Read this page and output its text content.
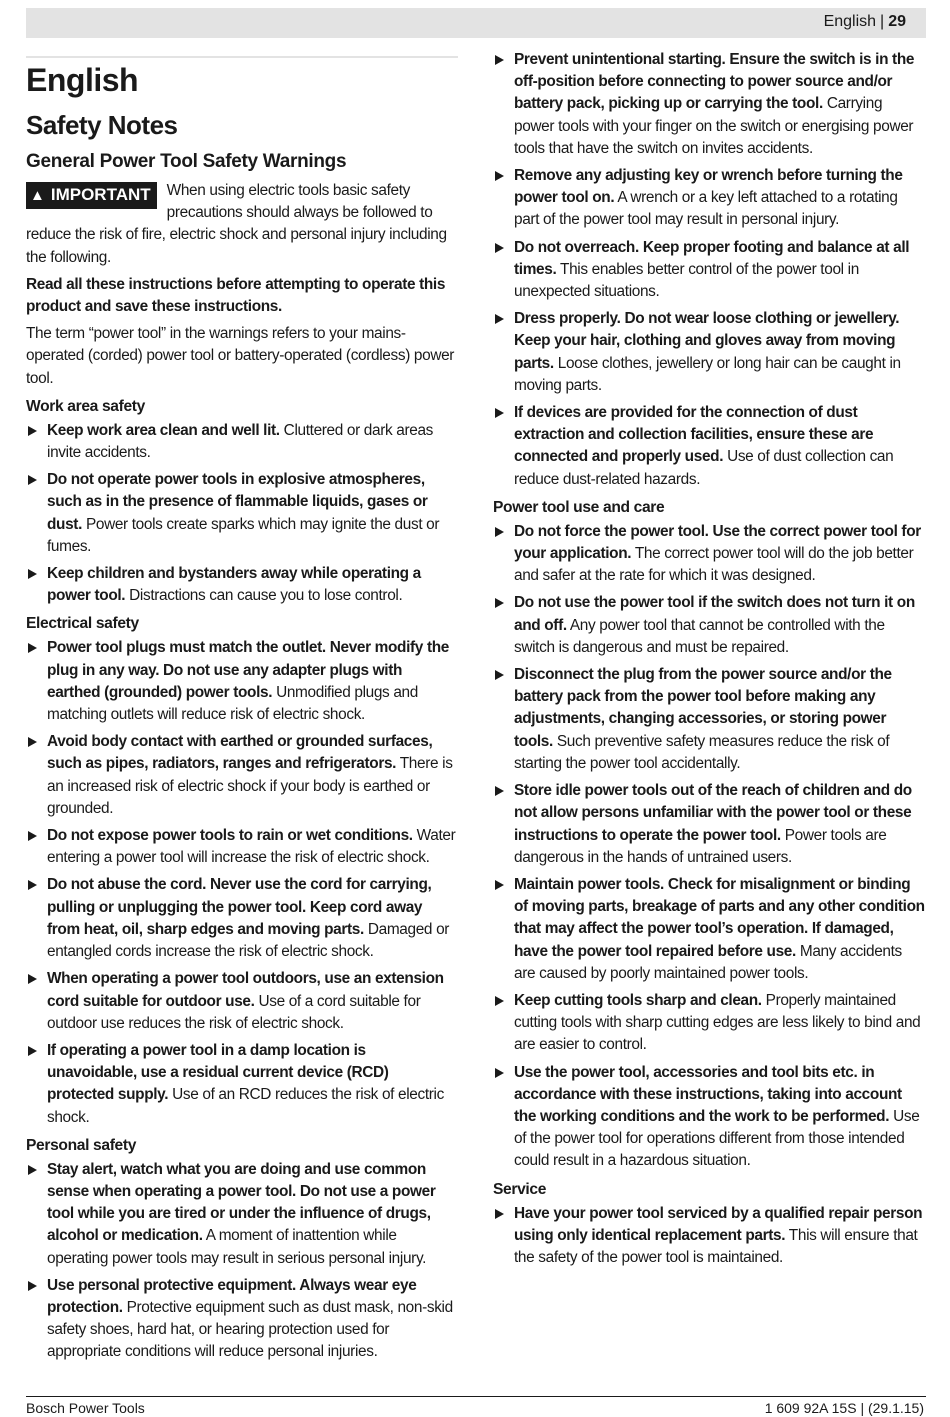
English | 29
English
Safety Notes
General Power Tool Safety Warnings
▲ IMPORTANT	When using electric tools basic safety precautions should always be followed to reduce the risk of fire, electric shock and personal injury including the following.

Read all these instructions before attempting to operate this product and save these instructions.

The term “power tool” in the warnings refers to your mains-operated (corded) power tool or battery-operated (cordless) power tool.

Work area safety
Keep work area clean and well lit. Cluttered or dark areas invite accidents.
Do not operate power tools in explosive atmospheres, such as in the presence of flammable liquids, gases or dust. Power tools create sparks which may ignite the dust or fumes.
Keep children and bystanders away while operating a power tool. Distractions can cause you to lose control.
Electrical safety
Power tool plugs must match the outlet. Never modify the plug in any way. Do not use any adapter plugs with earthed (grounded) power tools. Unmodified plugs and matching outlets will reduce risk of electric shock.
Avoid body contact with earthed or grounded surfaces, such as pipes, radiators, ranges and refrigerators. There is an increased risk of electric shock if your body is earthed or grounded.
Do not expose power tools to rain or wet conditions. Water entering a power tool will increase the risk of electric shock.
Do not abuse the cord. Never use the cord for carrying, pulling or unplugging the power tool. Keep cord away from heat, oil, sharp edges and moving parts. Damaged or entangled cords increase the risk of electric shock.
When operating a power tool outdoors, use an extension cord suitable for outdoor use. Use of a cord suitable for outdoor use reduces the risk of electric shock.
If operating a power tool in a damp location is unavoidable, use a residual current device (RCD) protected supply. Use of an RCD reduces the risk of electric shock.
Personal safety
Stay alert, watch what you are doing and use common sense when operating a power tool. Do not use a power tool while you are tired or under the influence of drugs, alcohol or medication. A moment of inattention while operating power tools may result in serious personal injury.
Use personal protective equipment. Always wear eye protection. Protective equipment such as dust mask, non-skid safety shoes, hard hat, or hearing protection used for appropriate conditions will reduce personal injuries.
Prevent unintentional starting. Ensure the switch is in the off-position before connecting to power source and/or battery pack, picking up or carrying the tool. Carrying power tools with your finger on the switch or energising power tools that have the switch on invites accidents.
Remove any adjusting key or wrench before turning the power tool on. A wrench or a key left attached to a rotating part of the power tool may result in personal injury.
Do not overreach. Keep proper footing and balance at all times. This enables better control of the power tool in unexpected situations.
Dress properly. Do not wear loose clothing or jewellery. Keep your hair, clothing and gloves away from moving parts. Loose clothes, jewellery or long hair can be caught in moving parts.
If devices are provided for the connection of dust extraction and collection facilities, ensure these are connected and properly used. Use of dust collection can reduce dust-related hazards.
Power tool use and care
Do not force the power tool. Use the correct power tool for your application. The correct power tool will do the job better and safer at the rate for which it was designed.
Do not use the power tool if the switch does not turn it on and off. Any power tool that cannot be controlled with the switch is dangerous and must be repaired.
Disconnect the plug from the power source and/or the battery pack from the power tool before making any adjustments, changing accessories, or storing power tools. Such preventive safety measures reduce the risk of starting the power tool accidentally.
Store idle power tools out of the reach of children and do not allow persons unfamiliar with the power tool or these instructions to operate the power tool. Power tools are dangerous in the hands of untrained users.
Maintain power tools. Check for misalignment or binding of moving parts, breakage of parts and any other condition that may affect the power tool’s operation. If damaged, have the power tool repaired before use. Many accidents are caused by poorly maintained power tools.
Keep cutting tools sharp and clean. Properly maintained cutting tools with sharp cutting edges are less likely to bind and are easier to control.
Use the power tool, accessories and tool bits etc. in accordance with these instructions, taking into account the working conditions and the work to be performed. Use of the power tool for operations different from those intended could result in a hazardous situation.
Service
Have your power tool serviced by a qualified repair person using only identical replacement parts. This will ensure that the safety of the power tool is maintained.
Bosch Power Tools	1 609 92A 15S | (29.1.15)
